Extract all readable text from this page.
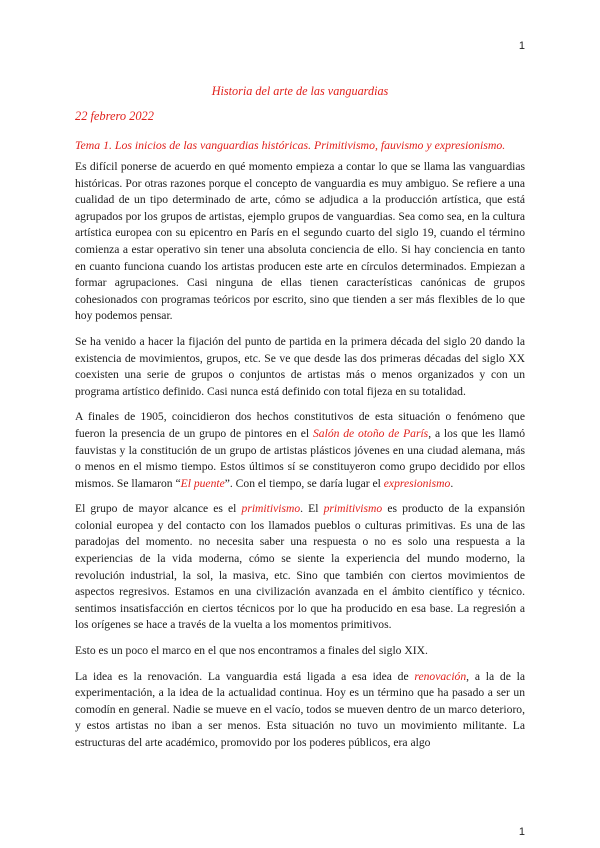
1
Historia del arte de las vanguardias
22 febrero 2022
Tema 1. Los inicios de las vanguardias históricas. Primitivismo, fauvismo y expresionismo.

Es difícil ponerse de acuerdo en qué momento empieza a contar lo que se llama las vanguardias históricas. Por otras razones porque el concepto de vanguardia es muy ambiguo. Se refiere a una cualidad de un tipo determinado de arte, cómo se adjudica a la producción artística, que está agrupados por los grupos de artistas, ejemplo grupos de vanguardias. Sea como sea, en la cultura artística europea con su epicentro en París en el segundo cuarto del siglo 19, cuando el término comienza a estar operativo sin tener una absoluta conciencia de ello. Si hay conciencia en tanto en cuanto funciona cuando los artistas producen este arte en círculos determinados. Empiezan a formar agrupaciones. Casi ninguna de ellas tienen características canónicas de grupos cohesionados con programas teóricos por escrito, sino que tienden a ser más flexibles de lo que hoy podemos pensar.

Se ha venido a hacer la fijación del punto de partida en la primera década del siglo 20 dando la existencia de movimientos, grupos, etc. Se ve que desde las dos primeras décadas del siglo XX coexisten una serie de grupos o conjuntos de artistas más o menos organizados y con un programa artístico definido. Casi nunca está definido con total fijeza en su totalidad.

A finales de 1905, coincidieron dos hechos constitutivos de esta situación o fenómeno que fueron la presencia de un grupo de pintores en el Salón de otoño de París, a los que les llamó fauvistas y la constitución de un grupo de artistas plásticos jóvenes en una ciudad alemana, más o menos en el mismo tiempo. Estos últimos sí se constituyeron como grupo decidido por ellos mismos. Se llamaron “El puente”. Con el tiempo, se daría lugar el expresionismo.

El grupo de mayor alcance es el primitivismo. El primitivismo es producto de la expansión colonial europea y del contacto con los llamados pueblos o culturas primitivas. Es una de las paradojas del momento. no necesita saber una respuesta o no es solo una respuesta a la experiencias de la vida moderna, cómo se siente la experiencia del mundo moderno, la revolución industrial, la sol, la masiva, etc. Sino que también con ciertos movimientos de aspectos regresivos. Estamos en una civilización avanzada en el ámbito científico y técnico. sentimos insatisfacción en ciertos técnicos por lo que ha producido en esa base. La regresión a los orígenes se hace a través de la vuelta a los momentos primitivos.

Esto es un poco el marco en el que nos encontramos a finales del siglo XIX.

La idea es la renovación. La vanguardia está ligada a esa idea de renovación, a la de la experimentación, a la idea de la actualidad continua. Hoy es un término que ha pasado a ser un comodín en general. Nadie se mueve en el vacío, todos se mueven dentro de un marco deterioro, y estos artistas no iban a ser menos. Esta situación no tuvo un movimiento militante. La estructuras del arte académico, promovido por los poderes públicos, era algo

1
